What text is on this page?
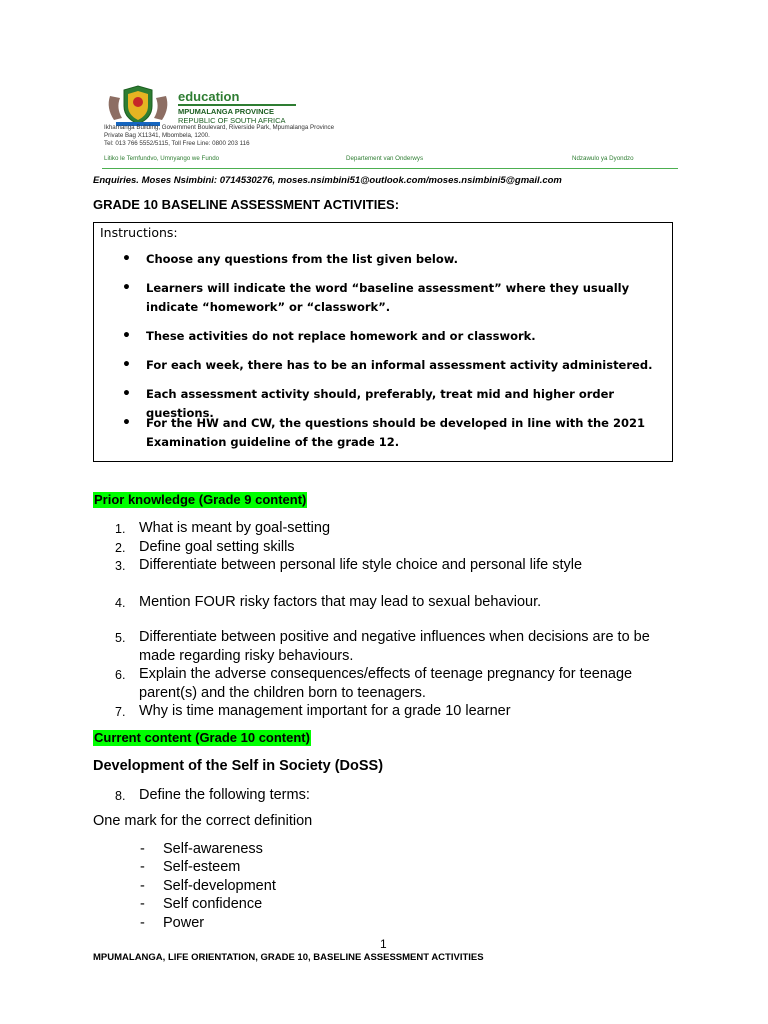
education
MPUMALANGA PROVINCE
REPUBLIC OF SOUTH AFRICA
Ikhamanga Building, Government Boulevard, Riverside Park, Mpumalanga Province
Private Bag X11341, Mbombela, 1200.
Tel: 013 766 5552/5115, Toll Free Line: 0800 203 116
Litiko le Temfundvo, Umnyango we Fundo	Departement van Onderwys	Ndzawulo ya Dyondzo
Enquiries. Moses Nsimbini: 0714530276, moses.nsimbini51@outlook.com/moses.nsimbini5@gmail.com
GRADE 10 BASELINE ASSESSMENT ACTIVITIES:
Instructions:
• Choose any questions from the list given below.
• Learners will indicate the word “baseline assessment” where they usually indicate “homework” or “classwork”.
• These activities do not replace homework and or classwork.
• For each week, there has to be an informal assessment activity administered.
• Each assessment activity should, preferably, treat mid and higher order questions.
• For the HW and CW, the questions should be developed in line with the 2021 Examination guideline of the grade 12.
Prior knowledge (Grade 9 content)
1. What is meant by goal-setting
2. Define goal setting skills
3. Differentiate between personal life style choice and personal life style
4. Mention FOUR risky factors that may lead to sexual behaviour.
5. Differentiate between positive and negative influences when decisions are to be made regarding risky behaviours.
6. Explain the adverse consequences/effects of teenage pregnancy for teenage parent(s) and the children born to teenagers.
7. Why is time management important for a grade 10 learner
Current content (Grade 10 content)
Development of the Self in Society (DoSS)
8. Define the following terms:
One mark for the correct definition
- Self-awareness
- Self-esteem
- Self-development
- Self confidence
- Power
1
MPUMALANGA, LIFE ORIENTATION, GRADE 10, BASELINE ASSESSMENT ACTIVITIES
